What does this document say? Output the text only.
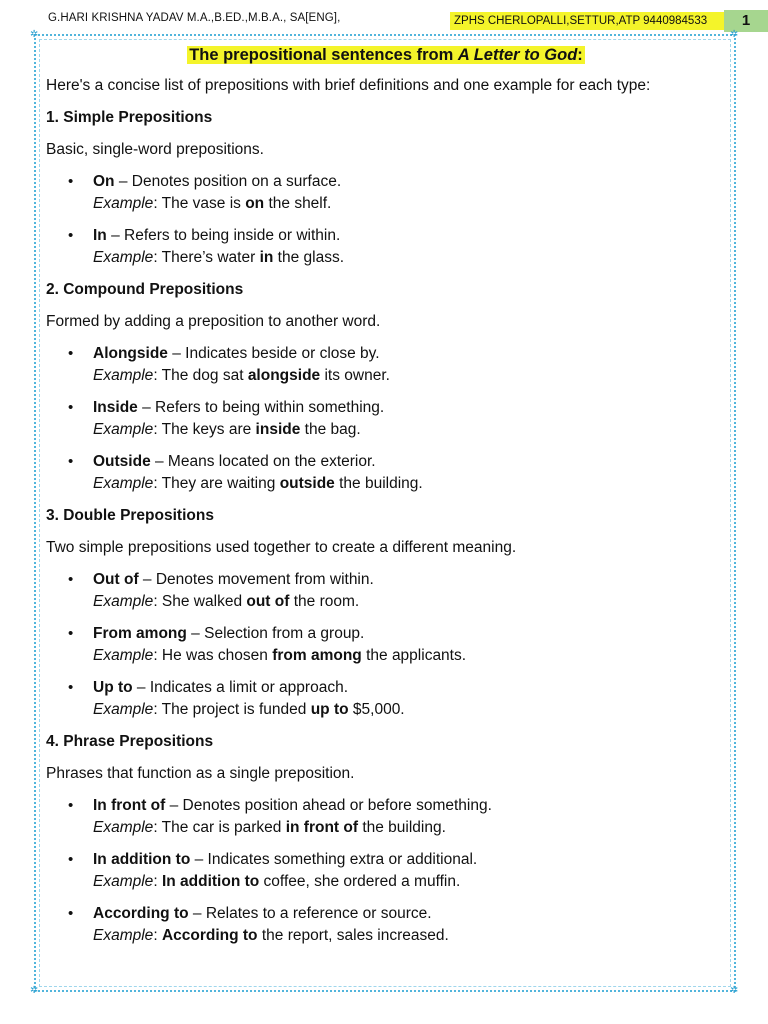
G.HARI KRISHNA YADAV M.A.,B.ED.,M.B.A., SA[ENG],	ZPHS CHERLOPALLI,SETTUR,ATP 9440984533	1
✲	✲
✲	✲
The prepositional sentences from A Letter to God:

Here's a concise list of prepositions with brief definitions and one example for each type:

1. Simple Prepositions

Basic, single-word prepositions.

• On – Denotes position on a surface.
Example: The vase is on the shelf.
• In – Refers to being inside or within.
Example: There’s water in the glass.
2. Compound Prepositions

Formed by adding a preposition to another word.

• Alongside – Indicates beside or close by.
Example: The dog sat alongside its owner.
• Inside – Refers to being within something.
Example: The keys are inside the bag.
• Outside – Means located on the exterior.
Example: They are waiting outside the building.
3. Double Prepositions

Two simple prepositions used together to create a different meaning.

• Out of – Denotes movement from within.
Example: She walked out of the room.
• From among – Selection from a group.
Example: He was chosen from among the applicants.
• Up to – Indicates a limit or approach.
Example: The project is funded up to $5,000.
4. Phrase Prepositions

Phrases that function as a single preposition.

• In front of – Denotes position ahead or before something.
Example: The car is parked in front of the building.
• In addition to – Indicates something extra or additional.
Example: In addition to coffee, she ordered a muffin.
• According to – Relates to a reference or source.
Example: According to the report, sales increased.
